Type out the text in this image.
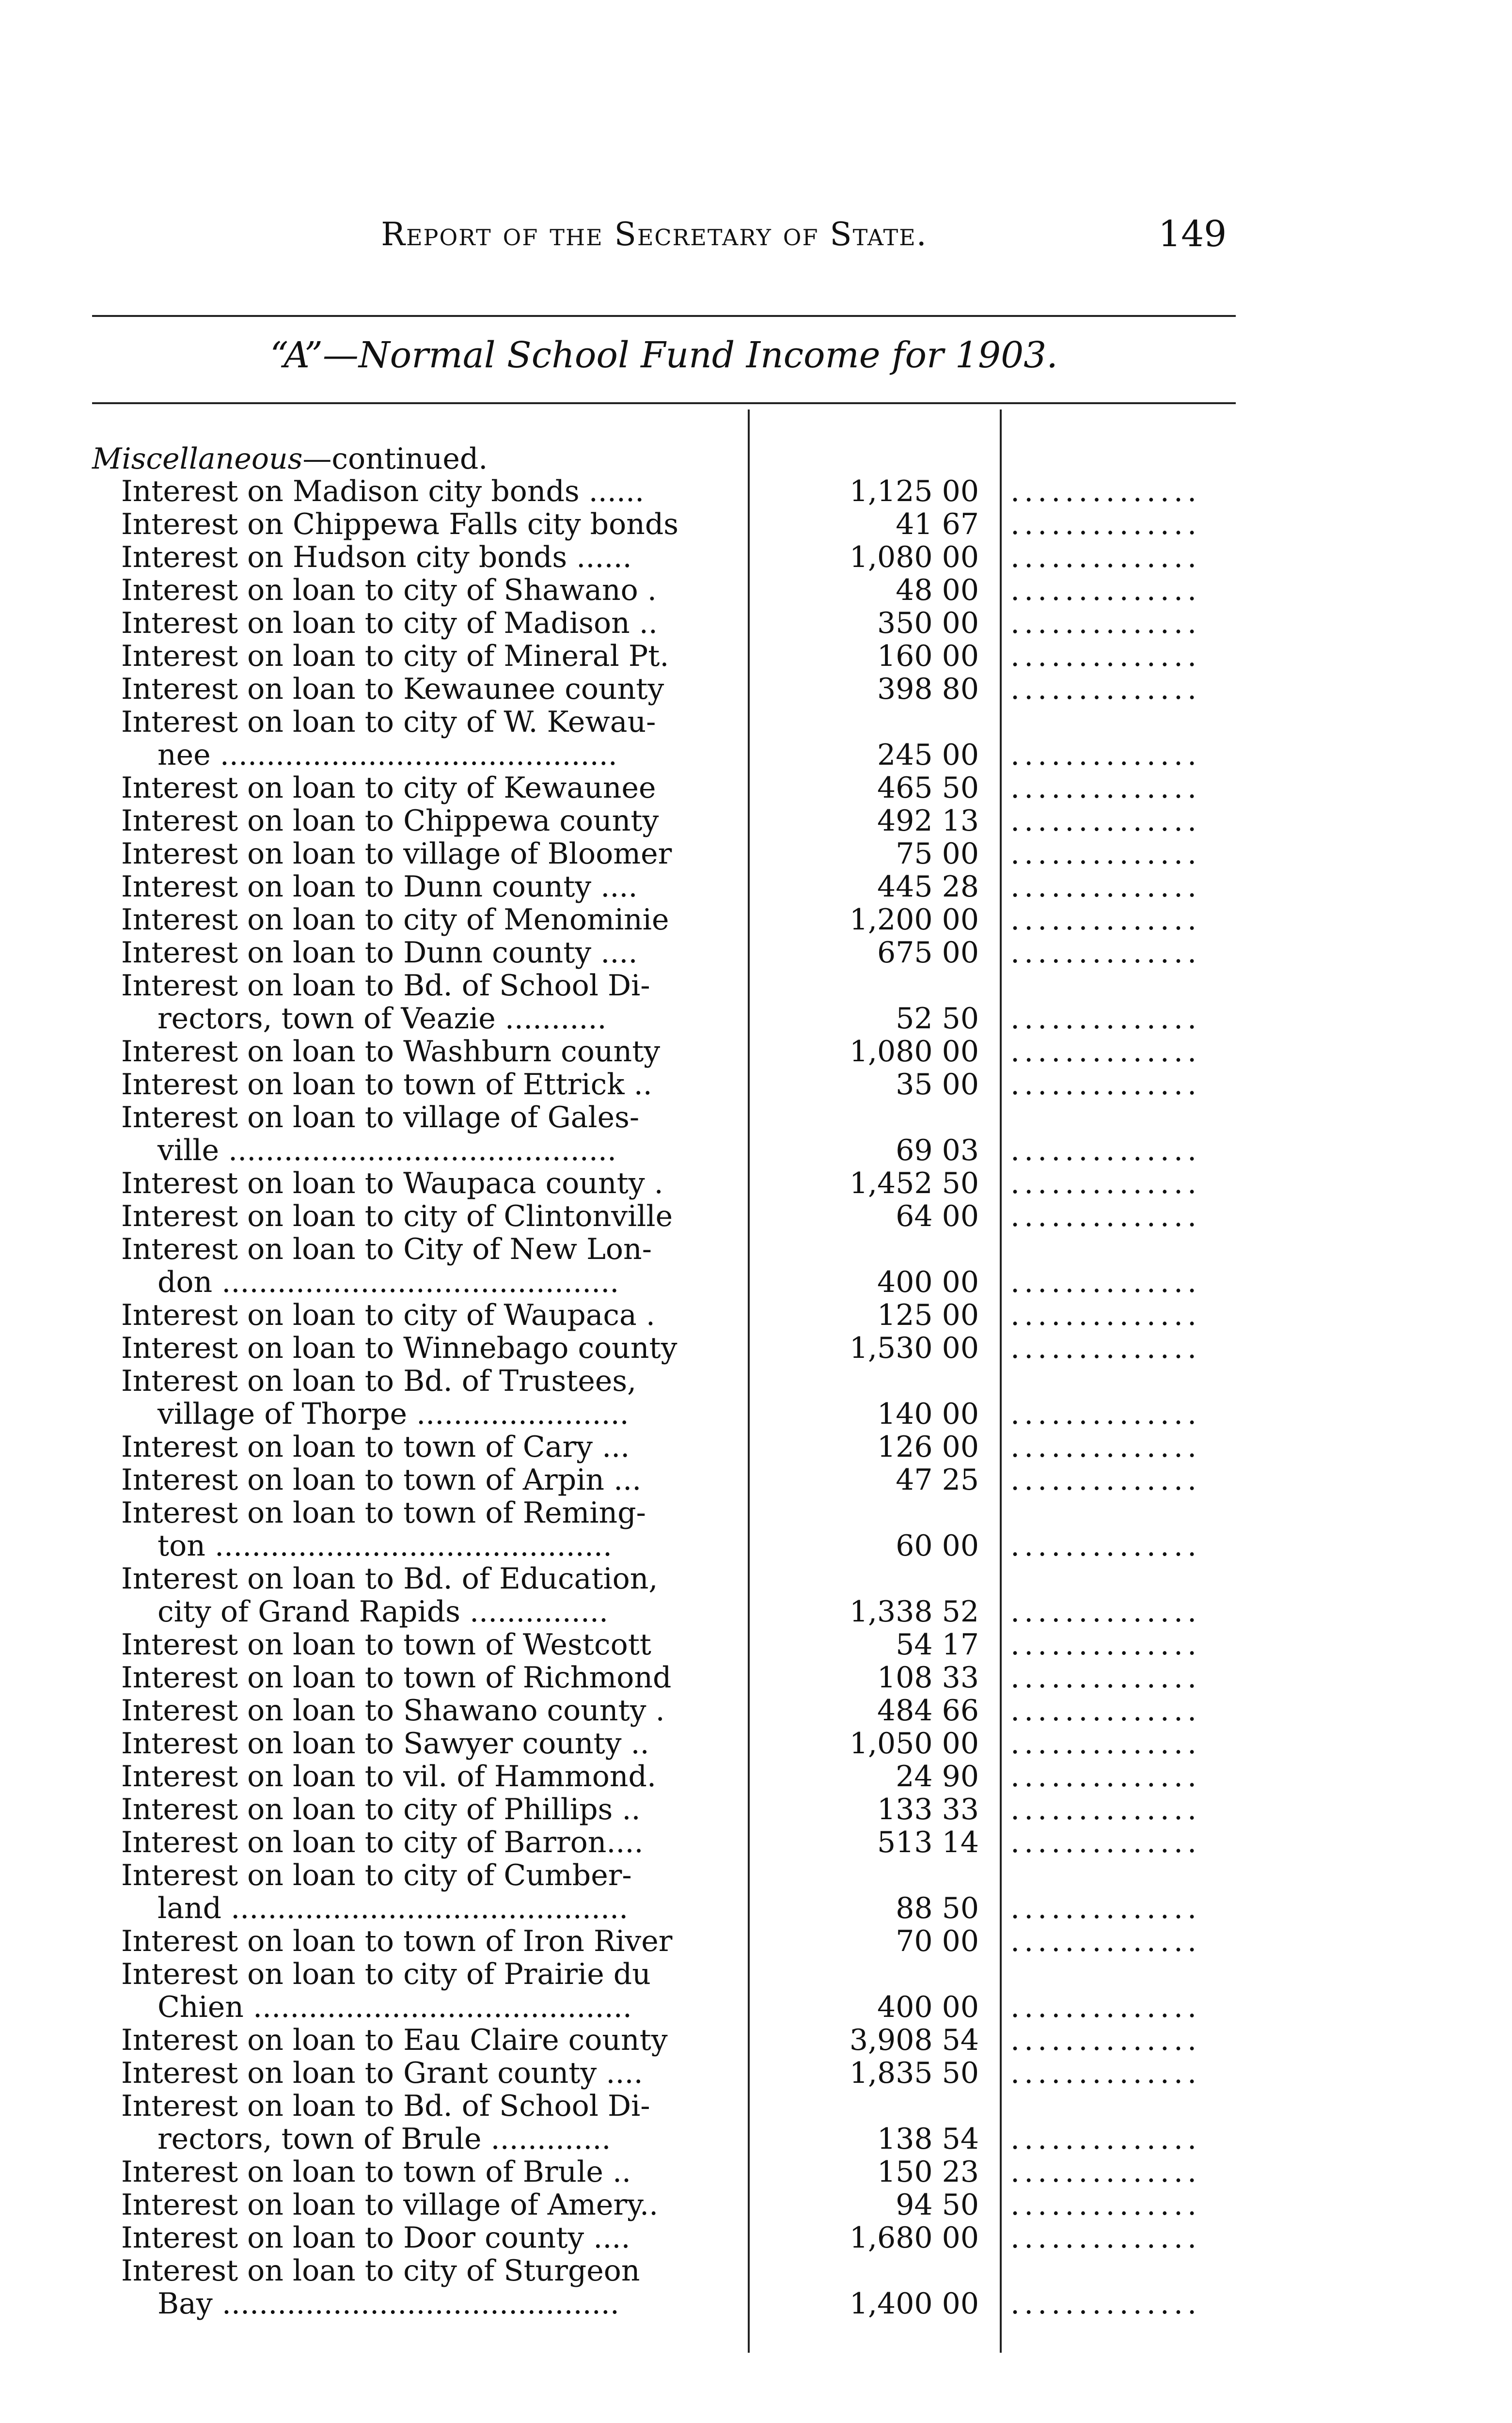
Report of the Secretary of State.	149
“A”—Normal School Fund Income for 1903.
Miscellaneous—continued.
Interest on Madison city bonds ......	1,125 00 ..............
Interest on Chippewa Falls city bonds	41 67 ..............
Interest on Hudson city bonds ......	1,080 00 ..............
Interest on loan to city of Shawano .	48 00 ..............
Interest on loan to city of Madison ..	350 00 ..............
Interest on loan to city of Mineral Pt.	160 00 ..............
Interest on loan to Kewaunee county	398 80 ..............
Interest on loan to city of W. Kewau-
nee ...........................................	245 00 ..............
Interest on loan to city of Kewaunee	465 50 ..............
Interest on loan to Chippewa county	492 13 ..............
Interest on loan to village of Bloomer	75 00 ..............
Interest on loan to Dunn county ....	445 28 ..............
Interest on loan to city of Menominie	1,200 00 ..............
Interest on loan to Dunn county ....	675 00 ..............
Interest on loan to Bd. of School Di-
rectors, town of Veazie ...........	52 50 ..............
Interest on loan to Washburn county	1,080 00 ..............
Interest on loan to town of Ettrick ..	35 00 ..............
Interest on loan to village of Gales-
ville ..........................................	69 03 ..............
Interest on loan to Waupaca county .	1,452 50 ..............
Interest on loan to city of Clintonville	64 00 ..............
Interest on loan to City of New Lon-
don ...........................................	400 00 ..............
Interest on loan to city of Waupaca .	125 00 ..............
Interest on loan to Winnebago county	1,530 00 ..............
Interest on loan to Bd. of Trustees,
village of Thorpe .......................	140 00 ..............
Interest on loan to town of Cary ...	126 00 ..............
Interest on loan to town of Arpin ...	47 25 ..............
Interest on loan to town of Reming-
ton ...........................................	60 00 ..............
Interest on loan to Bd. of Education,
city of Grand Rapids ...............	1,338 52 ..............
Interest on loan to town of Westcott	54 17 ..............
Interest on loan to town of Richmond	108 33 ..............
Interest on loan to Shawano county .	484 66 ..............
Interest on loan to Sawyer county ..	1,050 00 ..............
Interest on loan to vil. of Hammond.	24 90 ..............
Interest on loan to city of Phillips ..	133 33 ..............
Interest on loan to city of Barron....	513 14 ..............
Interest on loan to city of Cumber-
land ...........................................	88 50 ..............
Interest on loan to town of Iron River	70 00 ..............
Interest on loan to city of Prairie du
Chien .........................................	400 00 ..............
Interest on loan to Eau Claire county	3,908 54 ..............
Interest on loan to Grant county ....	1,835 50 ..............
Interest on loan to Bd. of School Di-
rectors, town of Brule .............	138 54 ..............
Interest on loan to town of Brule ..	150 23 ..............
Interest on loan to village of Amery..	94 50 ..............
Interest on loan to Door county ....	1,680 00 ..............
Interest on loan to city of Sturgeon
Bay ...........................................	1,400 00 ..............
